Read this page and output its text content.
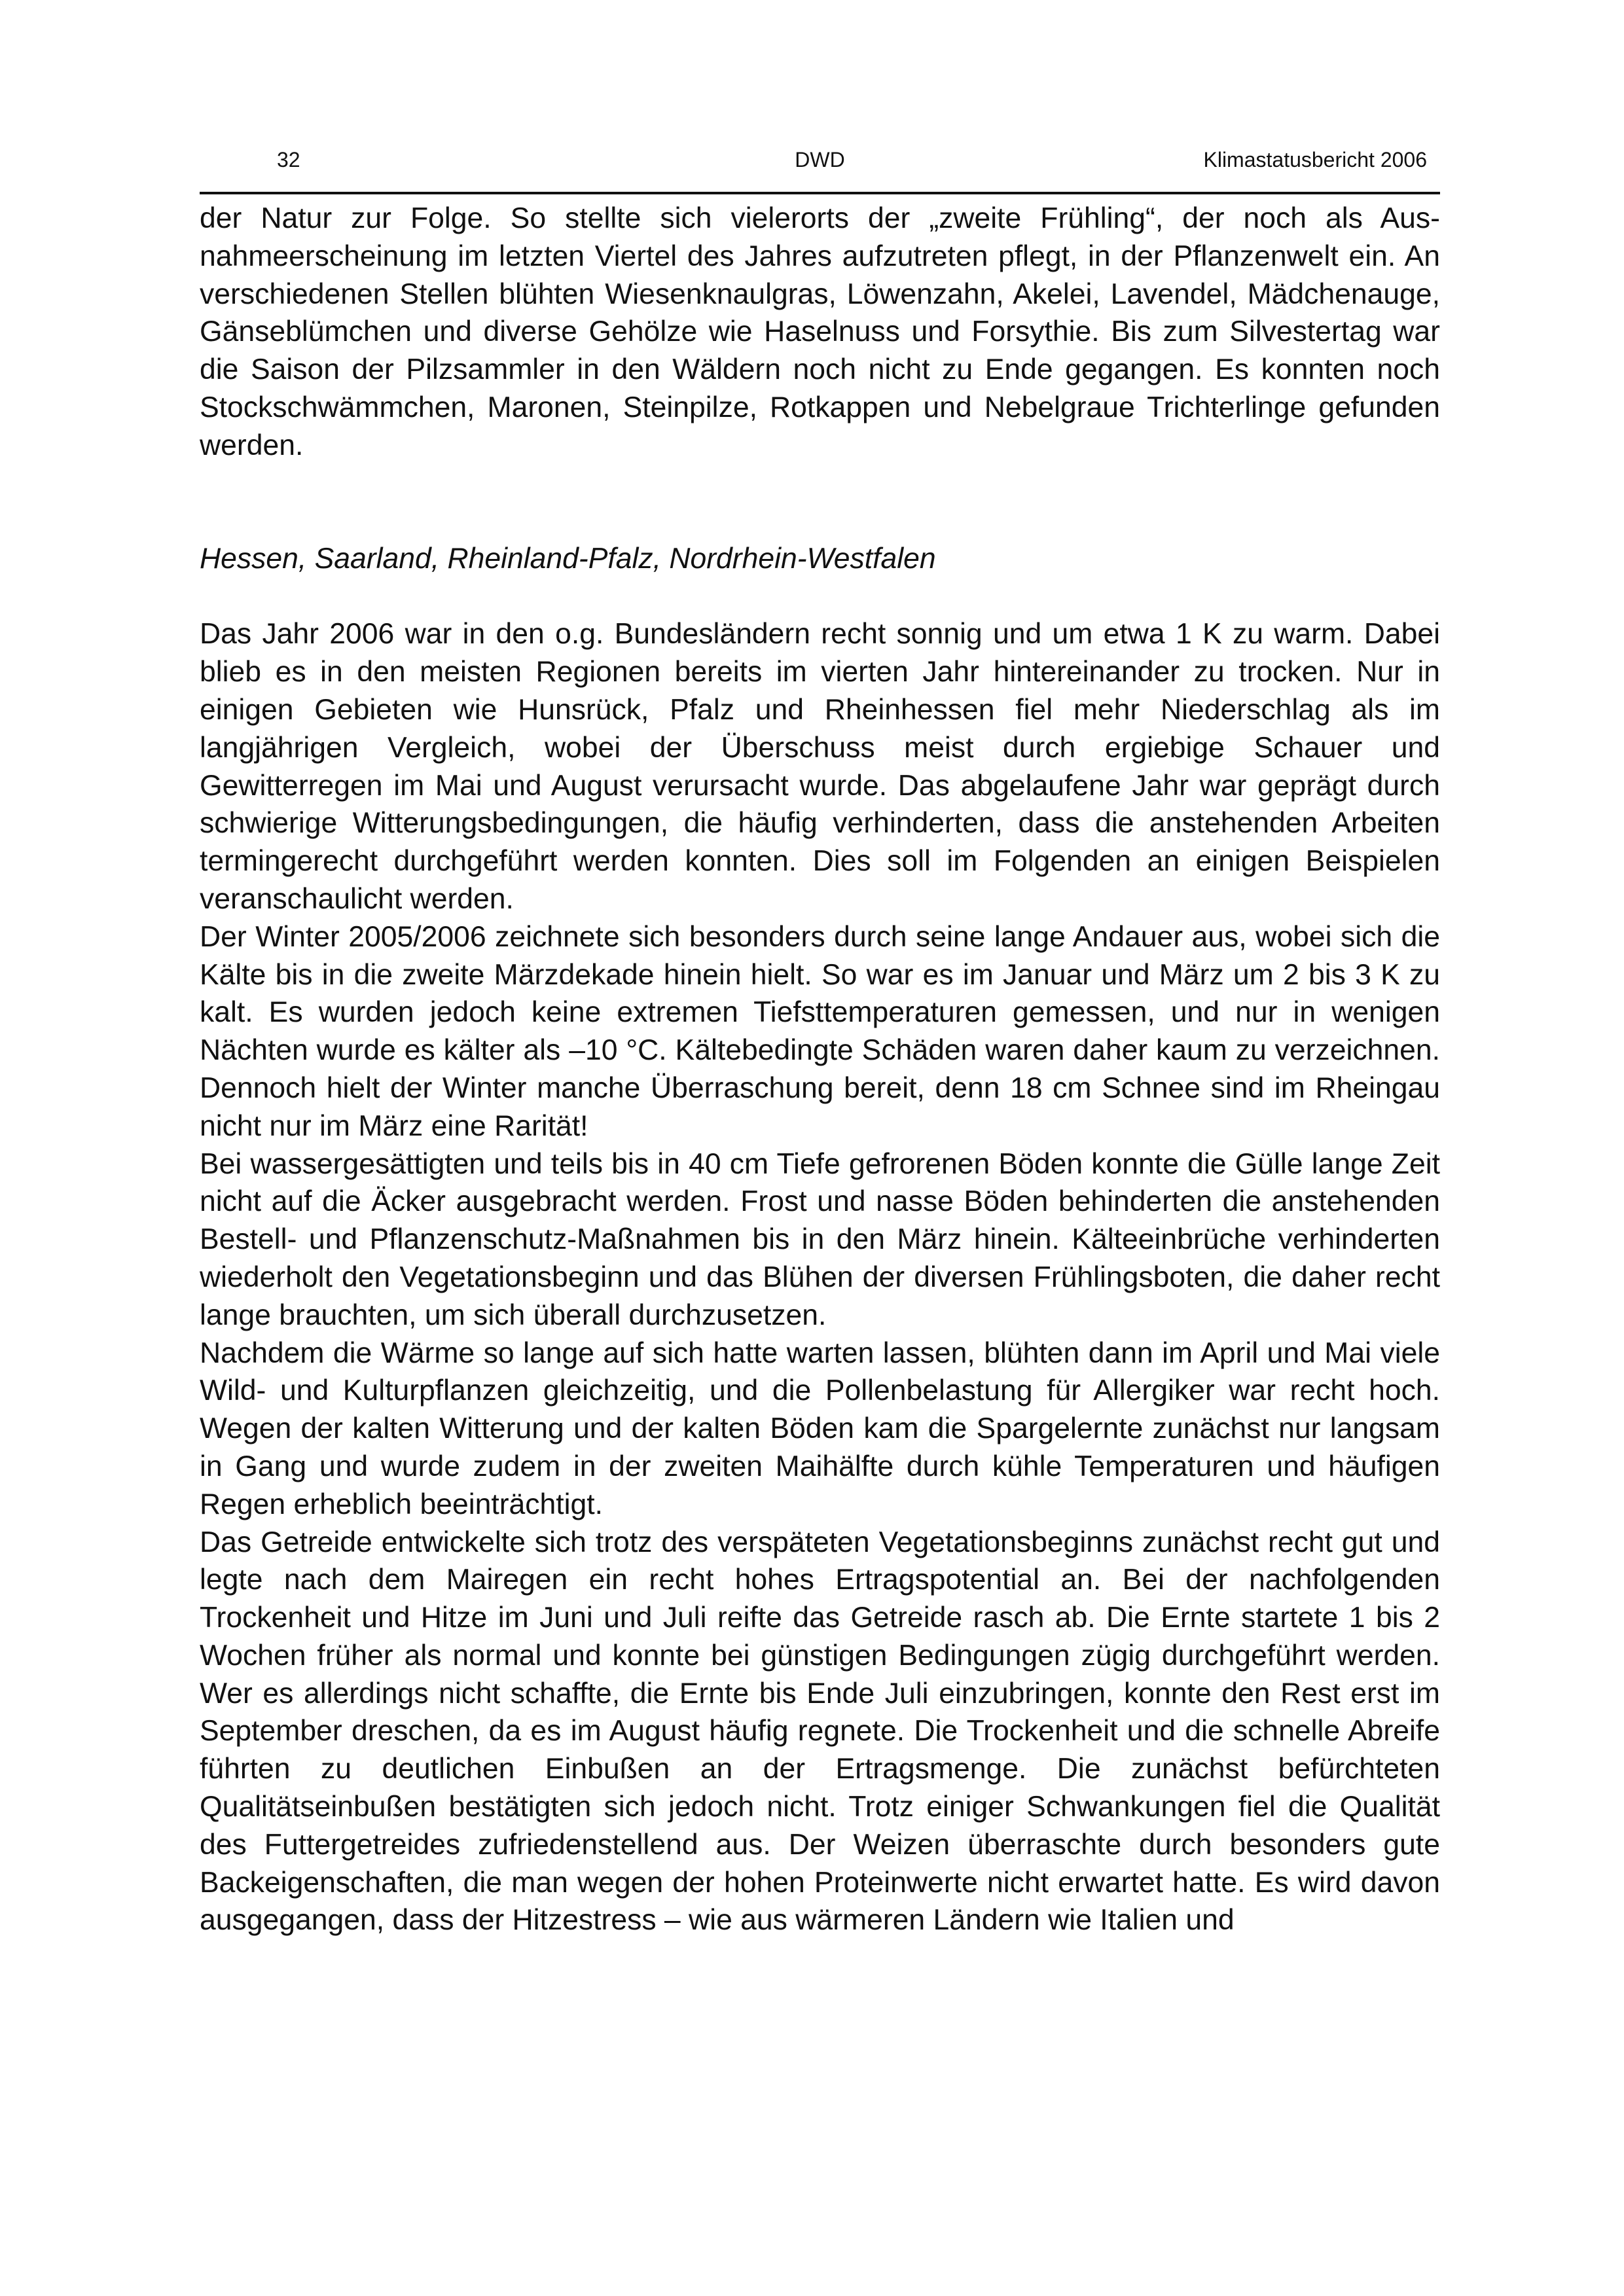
32	DWD	Klimastatusbericht 2006

der Natur zur Folge. So stellte sich vielerorts der „zweite Frühling“, der noch als Ausnahmeerscheinung im letzten Viertel des Jahres aufzutreten pflegt, in der Pflanzenwelt ein. An verschiedenen Stellen blühten Wiesenknaulgras, Löwenzahn, Akelei, Lavendel, Mädchenauge, Gänseblümchen und diverse Gehölze wie Haselnuss und Forsythie. Bis zum Silvestertag war die Saison der Pilzsammler in den Wäldern noch nicht zu Ende gegangen. Es konnten noch Stockschwämmchen, Maronen, Steinpilze, Rotkappen und Nebelgraue Trichterlinge gefunden werden.

Hessen, Saarland, Rheinland-Pfalz, Nordrhein-Westfalen

Das Jahr 2006 war in den o.g. Bundesländern recht sonnig und um etwa 1 K zu warm. Dabei blieb es in den meisten Regionen bereits im vierten Jahr hintereinander zu trocken. Nur in einigen Gebieten wie Hunsrück, Pfalz und Rheinhessen fiel mehr Niederschlag als im langjährigen Vergleich, wobei der Überschuss meist durch ergiebige Schauer und Gewitterregen im Mai und August verursacht wurde. Das abgelaufene Jahr war geprägt durch schwierige Witterungsbedingungen, die häufig verhinderten, dass die anstehenden Arbeiten termingerecht durchgeführt werden konnten. Dies soll im Folgenden an einigen Beispielen veranschaulicht werden.

Der Winter 2005/2006 zeichnete sich besonders durch seine lange Andauer aus, wobei sich die Kälte bis in die zweite Märzdekade hinein hielt. So war es im Januar und März um 2 bis 3 K zu kalt. Es wurden jedoch keine extremen Tiefsttemperaturen gemessen, und nur in wenigen Nächten wurde es kälter als –10 °C. Kältebedingte Schäden waren daher kaum zu verzeichnen. Dennoch hielt der Winter manche Überraschung bereit, denn 18 cm Schnee sind im Rheingau nicht nur im März eine Rarität!

Bei wassergesättigten und teils bis in 40 cm Tiefe gefrorenen Böden konnte die Gülle lange Zeit nicht auf die Äcker ausgebracht werden. Frost und nasse Böden behinderten die anstehenden Bestell- und Pflanzenschutz-Maßnahmen bis in den März hinein. Kälteeinbrüche verhinderten wiederholt den Vegetationsbeginn und das Blühen der diversen Frühlingsboten, die daher recht lange brauchten, um sich überall durchzusetzen.

Nachdem die Wärme so lange auf sich hatte warten lassen, blühten dann im April und Mai viele Wild- und Kulturpflanzen gleichzeitig, und die Pollenbelastung für Allergiker war recht hoch. Wegen der kalten Witterung und der kalten Böden kam die Spargelernte zunächst nur langsam in Gang und wurde zudem in der zweiten Maihälfte durch kühle Temperaturen und häufigen Regen erheblich beeinträchtigt.

Das Getreide entwickelte sich trotz des verspäteten Vegetationsbeginns zunächst recht gut und legte nach dem Mairegen ein recht hohes Ertragspotential an. Bei der nachfolgenden Trockenheit und Hitze im Juni und Juli reifte das Getreide rasch ab. Die Ernte startete 1 bis 2 Wochen früher als normal und konnte bei günstigen Bedingungen zügig durchgeführt werden. Wer es allerdings nicht schaffte, die Ernte bis Ende Juli einzubringen, konnte den Rest erst im September dreschen, da es im August häufig regnete. Die Trockenheit und die schnelle Abreife führten zu deutlichen Einbußen an der Ertragsmenge. Die zunächst befürchteten Qualitätseinbußen bestätigten sich jedoch nicht. Trotz einiger Schwankungen fiel die Qualität des Futtergetreides zufriedenstellend aus. Der Weizen überraschte durch besonders gute Backeigenschaften, die man wegen der hohen Proteinwerte nicht erwartet hatte. Es wird davon ausgegangen, dass der Hitzestress – wie aus wärmeren Ländern wie Italien und
